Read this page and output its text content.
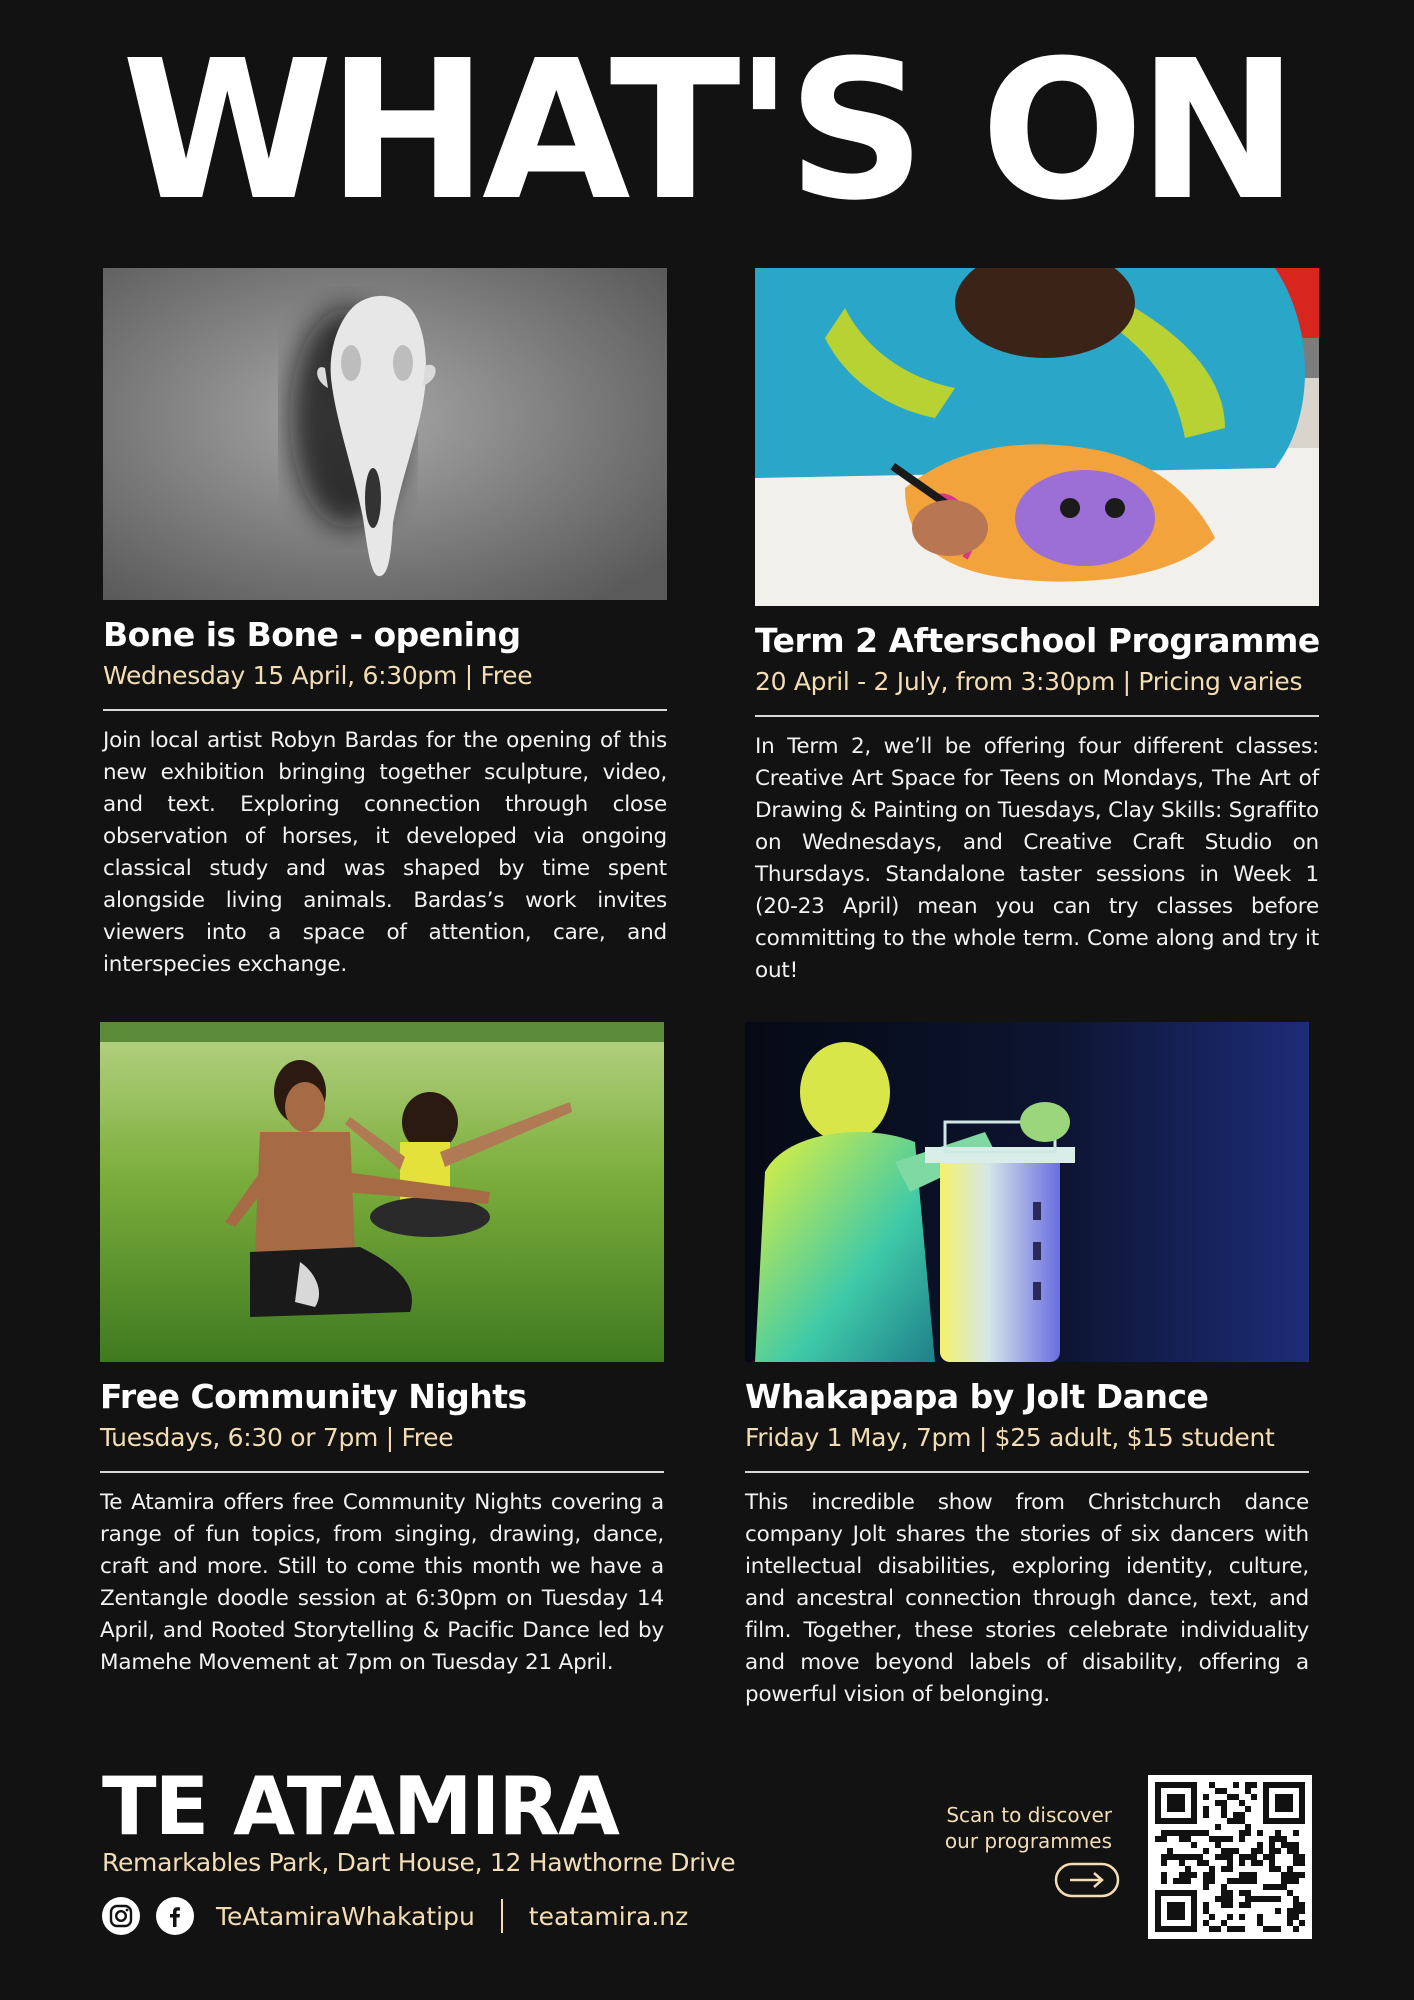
WHAT'S ON
Bone is Bone - opening
Wednesday 15 April, 6:30pm | Free
Join local artist Robyn Bardas for the opening of this new exhibition bringing together sculpture, video, and text. Exploring connection through close observation of horses, it developed via ongoing classical study and was shaped by time spent alongside living animals. Bardas’s work invites viewers into a space of attention, care, and interspecies exchange.
Term 2 Afterschool Programme
20 April - 2 July, from 3:30pm | Pricing varies
In Term 2, we’ll be offering four different classes: Creative Art Space for Teens on Mondays, The Art of Drawing & Painting on Tuesdays, Clay Skills: Sgraffito on Wednesdays, and Creative Craft Studio on Thursdays. Standalone taster sessions in Week 1 (20-23 April) mean you can try classes before committing to the whole term. Come along and try it out!
Free Community Nights
Tuesdays, 6:30 or 7pm | Free
Te Atamira offers free Community Nights covering a range of fun topics, from singing, drawing, dance, craft and more. Still to come this month we have a Zentangle doodle session at 6:30pm on Tuesday 14 April, and Rooted Storytelling & Pacific Dance led by Mamehe Movement at 7pm on Tuesday 21 April.
Whakapapa by Jolt Dance
Friday 1 May, 7pm | $25 adult, $15 student
This incredible show from Christchurch dance company Jolt shares the stories of six dancers with intellectual disabilities, exploring identity, culture, and ancestral connection through dance, text, and film. Together, these stories celebrate individuality and move beyond labels of disability, offering a powerful vision of belonging.
TE ATAMIRA
Remarkables Park, Dart House, 12 Hawthorne Drive
TeAtamiraWhakatipu teatamira.nz
Scan to discover
our programmes
